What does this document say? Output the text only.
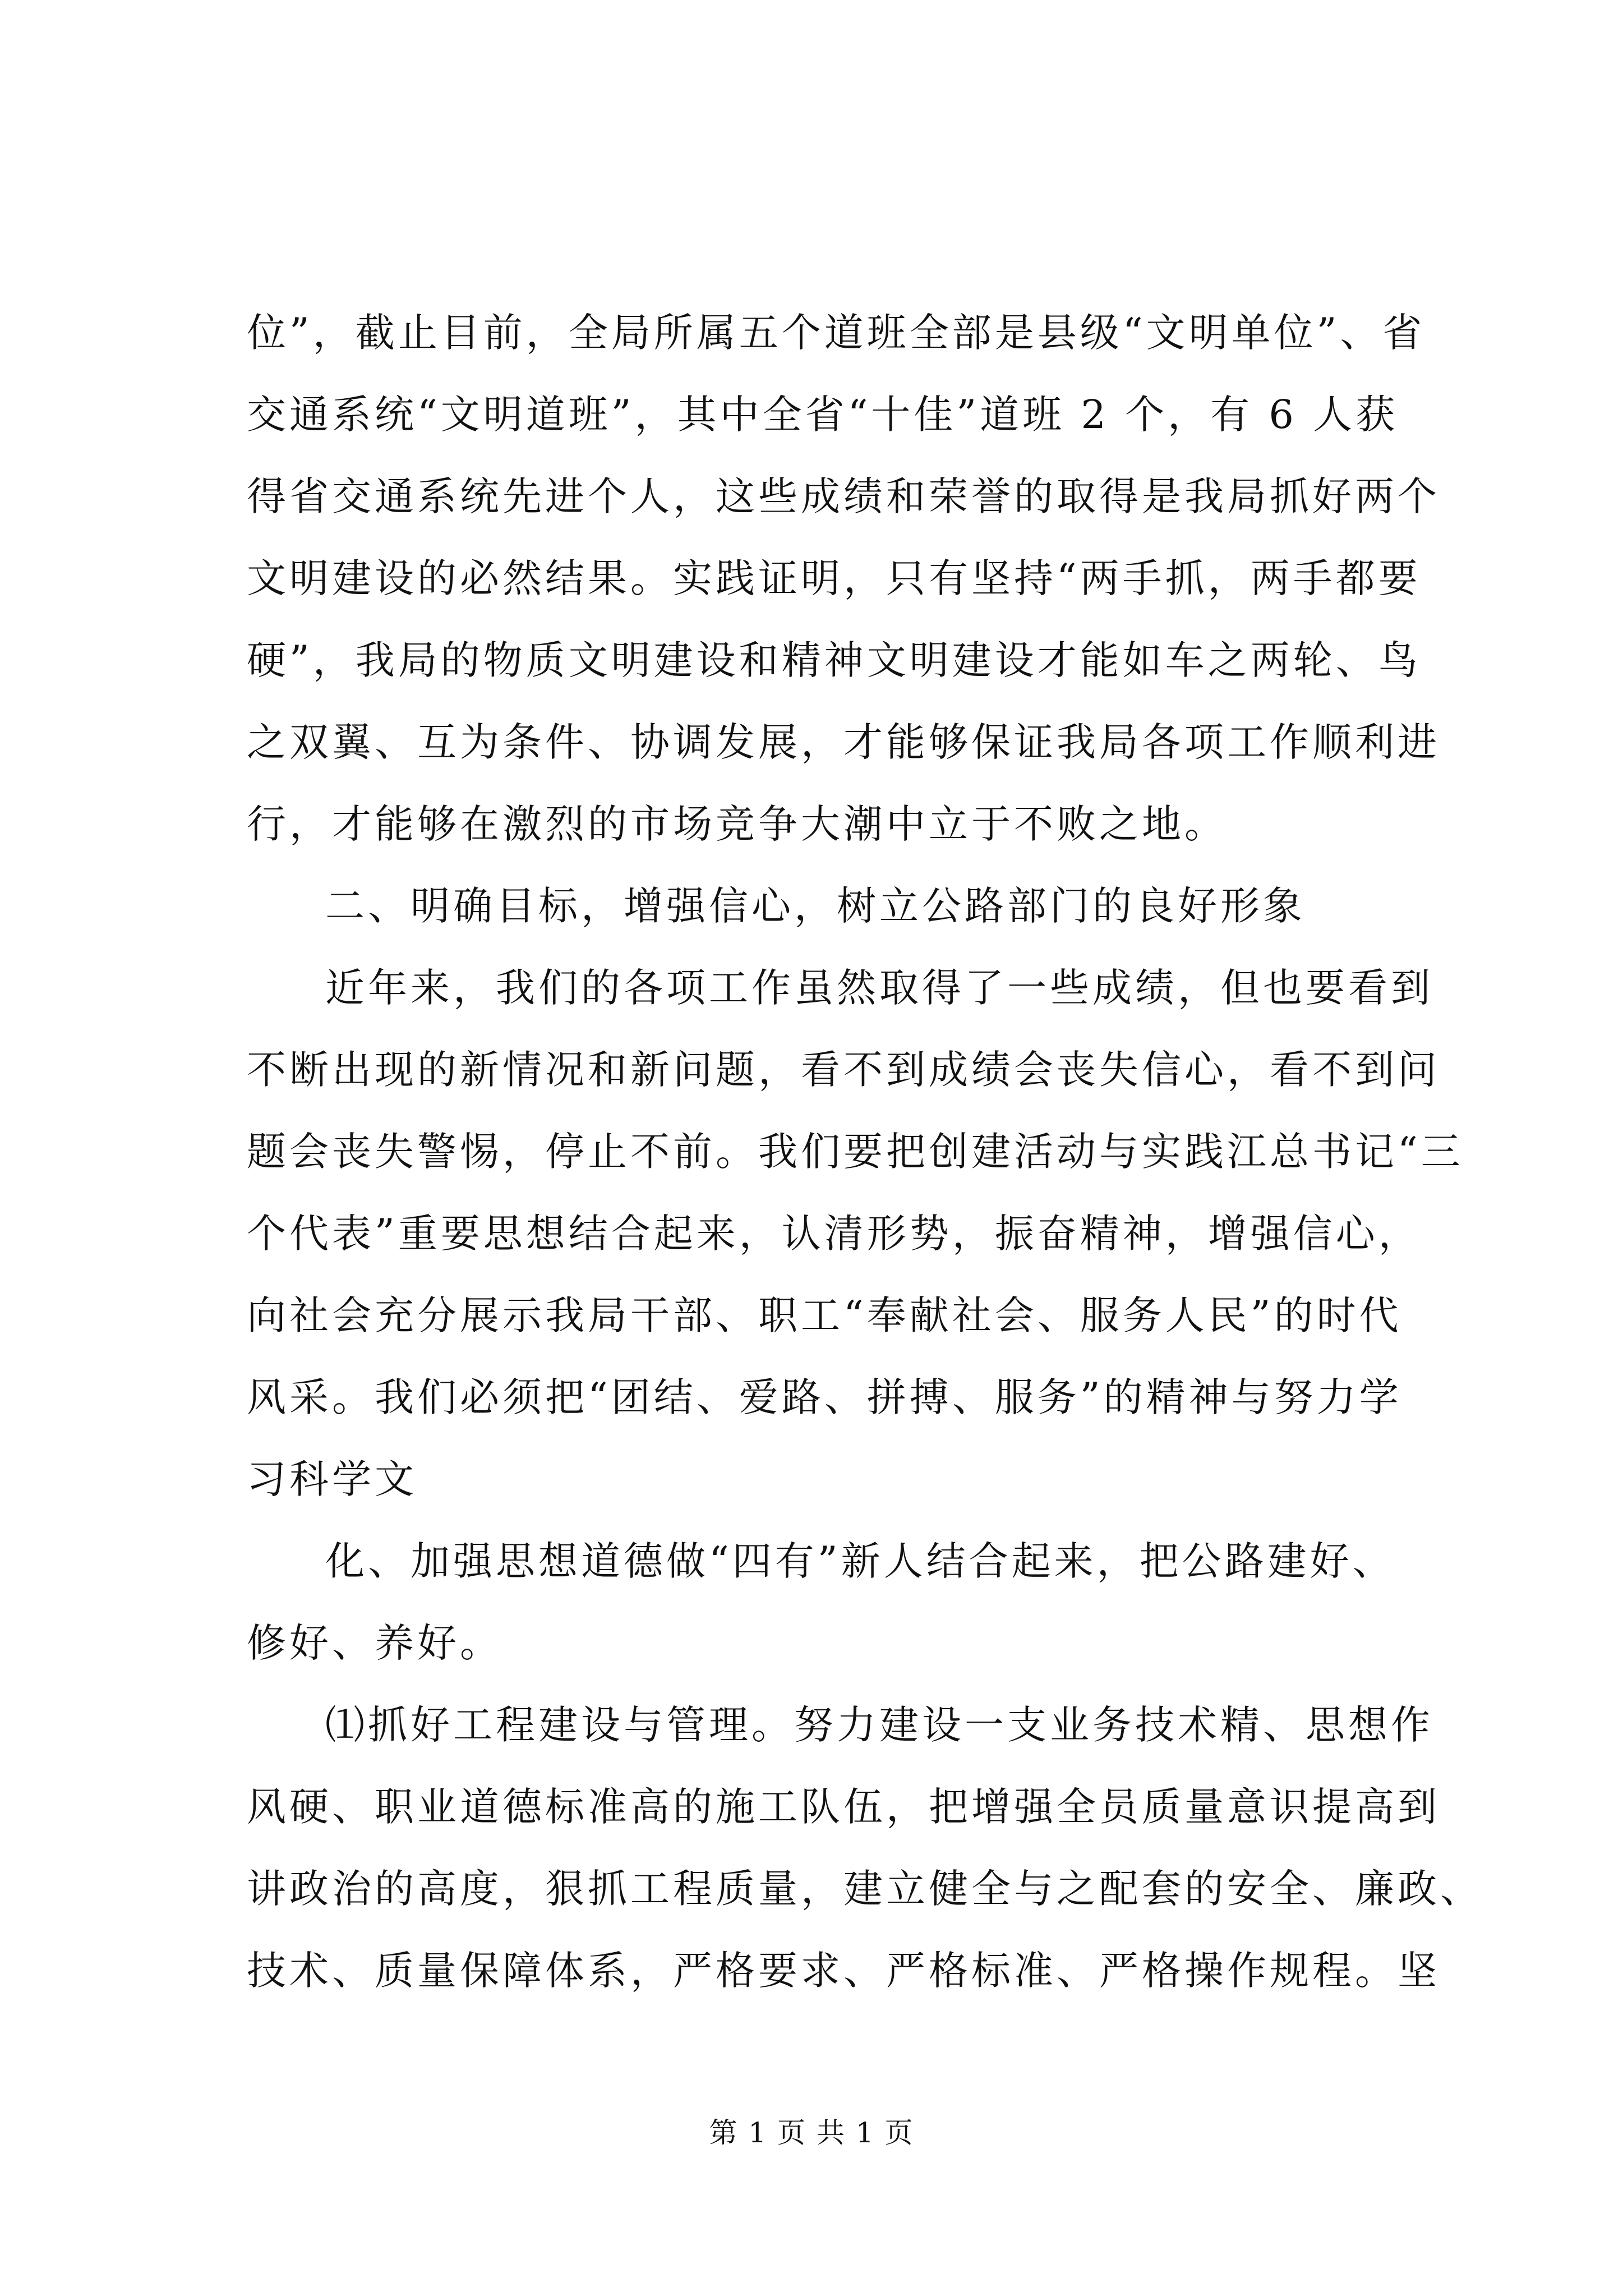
位”，截止目前，全局所属五个道班全部是县级“文明单位”、省
交通系统“文明道班”，其中全省“十佳”道班 2 个，有 6 人获
得省交通系统先进个人，这些成绩和荣誉的取得是我局抓好两个
文明建设的必然结果。实践证明，只有坚持“两手抓，两手都要
硬”，我局的物质文明建设和精神文明建设才能如车之两轮、鸟
之双翼、互为条件、协调发展，才能够保证我局各项工作顺利进
行，才能够在激烈的市场竞争大潮中立于不败之地。
二、明确目标，增强信心，树立公路部门的良好形象
近年来，我们的各项工作虽然取得了一些成绩，但也要看到
不断出现的新情况和新问题，看不到成绩会丧失信心，看不到问
题会丧失警惕，停止不前。我们要把创建活动与实践江总书记“三
个代表”重要思想结合起来，认清形势，振奋精神，增强信心，
向社会充分展示我局干部、职工“奉献社会、服务人民”的时代
风采。我们必须把“团结、爱路、拼搏、服务”的精神与努力学
习科学文
化、加强思想道德做“四有”新人结合起来，把公路建好、
修好、养好。
⑴抓好工程建设与管理。努力建设一支业务技术精、思想作
风硬、职业道德标准高的施工队伍，把增强全员质量意识提高到
讲政治的高度，狠抓工程质量，建立健全与之配套的安全、廉政、
技术、质量保障体系，严格要求、严格标准、严格操作规程。坚
第 1 页 共 1 页
